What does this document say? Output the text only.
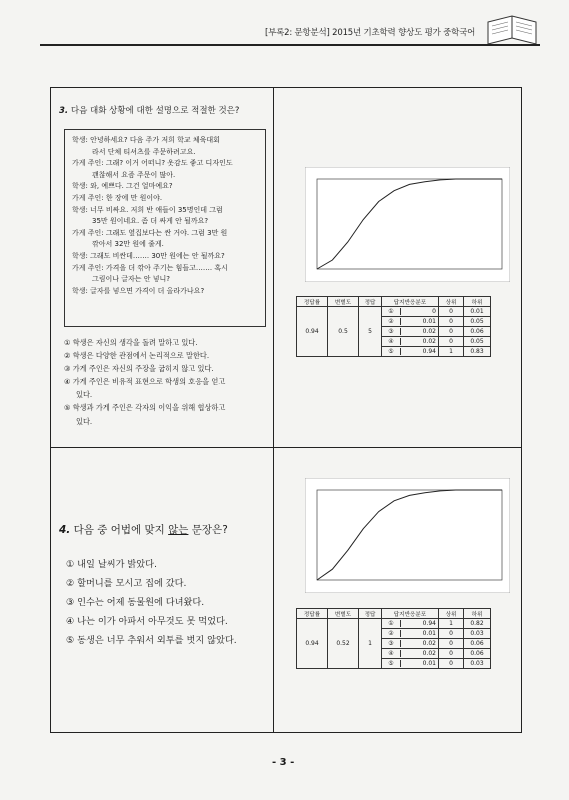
[부록2: 문항분석] 2015년 기초학력 향상도 평가 중학국어
3. 다음 대화 상황에 대한 설명으로 적절한 것은?
학생: 안녕하세요? 다음 주가 저희 학교 체육대회
라서 단체 티셔츠를 주문하려고요.
가게 주인: 그래? 이거 어떠니? 옷감도 좋고 디자인도
괜찮해서 요즘 주문이 많아.
학생: 와, 예쁘다. 그건 얼마예요?
가게 주인: 한 장에 만 원이야.
학생: 너무 비싸요. 저희 반 애들이 35명인데 그럼
35만 원이네요. 좀 더 싸게 안 될까요?
가게 주인: 그래도 옆집보다는 싼 거야. 그럼 3만 원
깎아서 32만 원에 줄게.
학생: 그래도 비싼데……. 30만 원에는 안 될까요?
가게 주인: 가격을 더 깎아 주기는 힘들고……. 혹시
그림이나 글자는 안 넣니?
학생: 글자를 넣으면 가격이 더 올라가나요?
① 학생은 자신의 생각을 돌려 말하고 있다.
② 학생은 다양한 관점에서 논리적으로 말한다.
③ 가게 주인은 자신의 주장을 굽히지 않고 있다.
④ 가게 주인은 비유적 표현으로 학생의 호응을 얻고
있다.
⑤ 학생과 가게 주인은 각자의 이익을 위해 협상하고
있다.
정답률	변별도	정답	답지반응분포	상위	하위
0.94	0.5	5	① 0	0	0.01

			② 0.01	0	0.05

			③ 0.02	0	0.06

			④ 0.02	0	0.05

			⑤ 0.94	1	0.83
4. 다음 중 어법에 맞지 않는 문장은?
① 내일 날씨가 밝았다.
② 할머니를 모시고 집에 갔다.
③ 인수는 어제 동물원에 다녀왔다.
④ 나는 이가 아파서 아무것도 못 먹었다.
⑤ 동생은 너무 추워서 외투를 벗지 않았다.
정답률	변별도	정답	답지반응분포	상위	하위
0.94	0.52	1	① 0.94	1	0.82

			② 0.01	0	0.03

			③ 0.02	0	0.06

			④ 0.02	0	0.06

			⑤ 0.01	0	0.03
- 3 -
